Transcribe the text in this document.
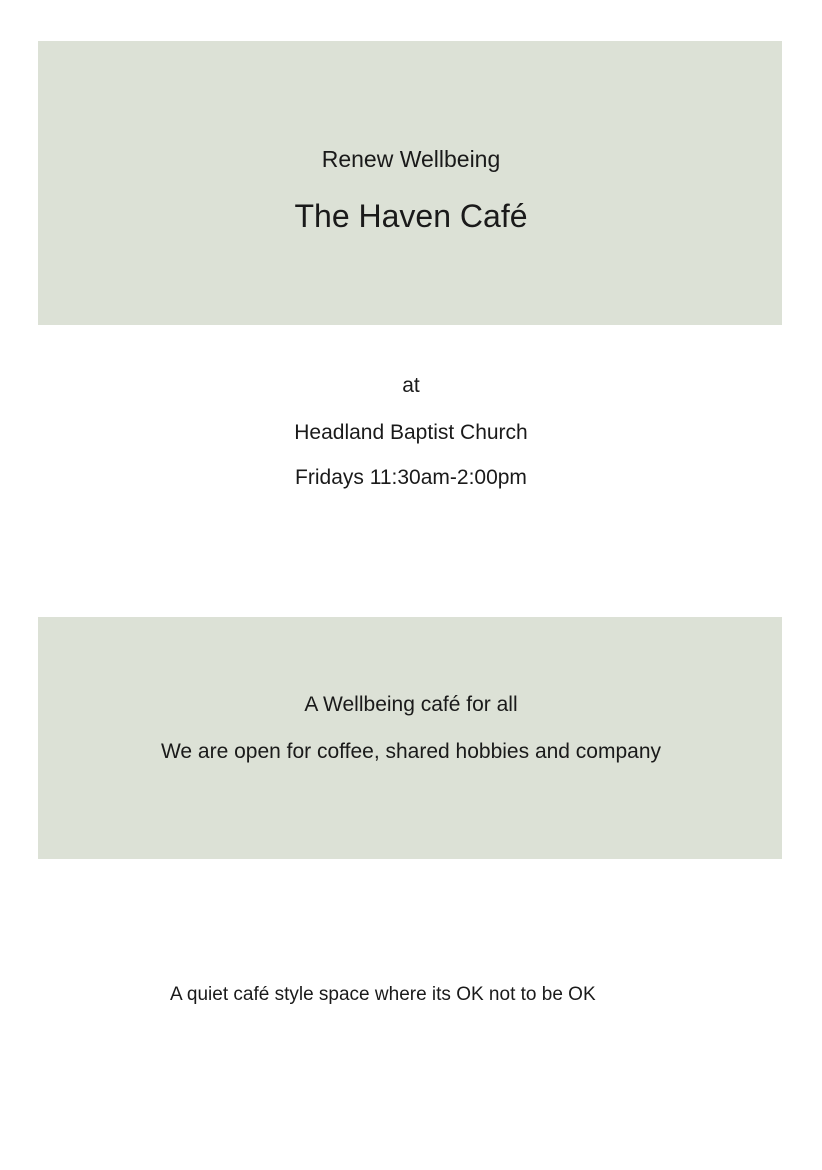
Renew Wellbeing
The Haven Café
at
Headland Baptist Church
Fridays 11:30am-2:00pm
A Wellbeing café for all
We are open for coffee, shared hobbies and company
A quiet café style space where its OK not to be OK
